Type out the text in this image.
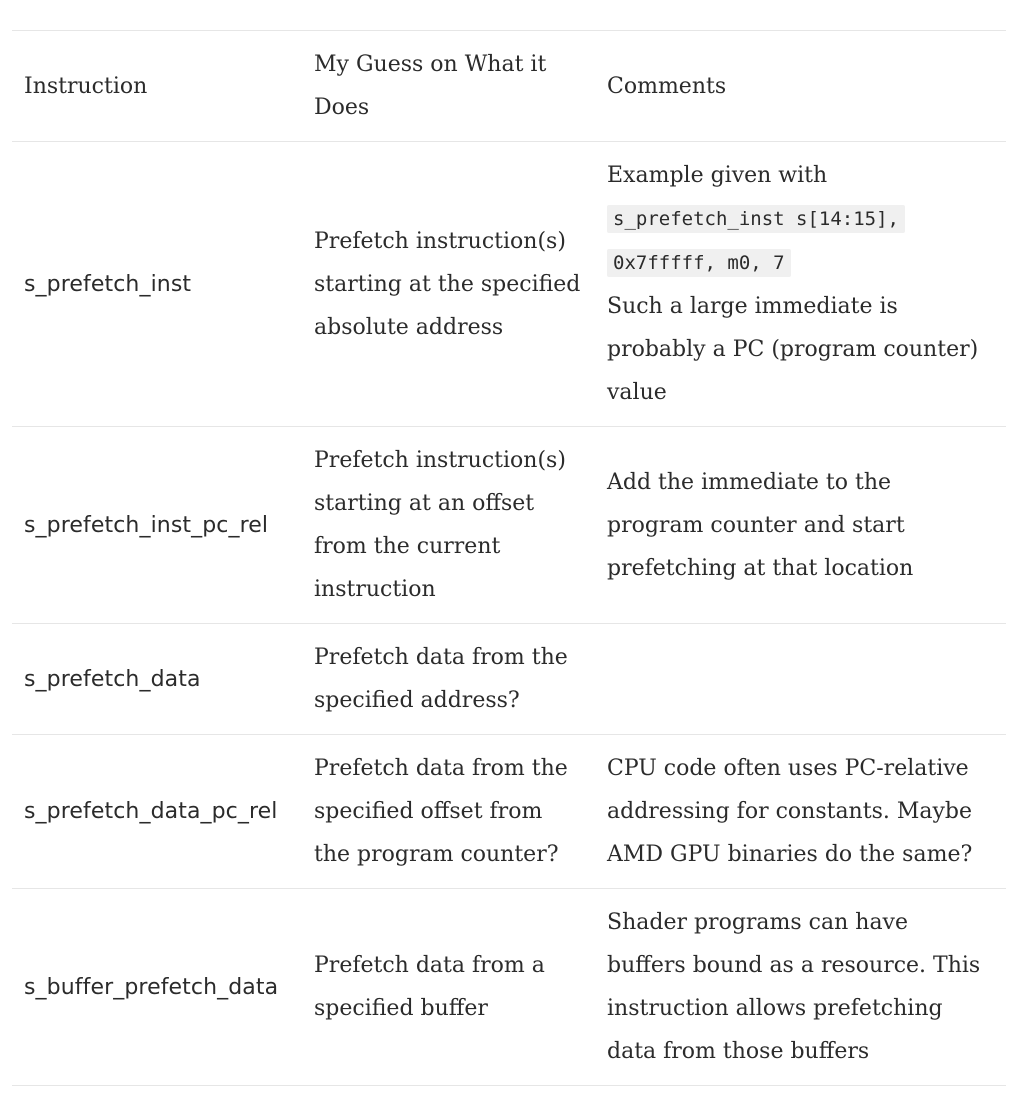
Instruction	My Guess on What it Does	Comments
s_prefetch_inst	Prefetch instruction(s) starting at the specified absolute address	Example given with
s_prefetch_inst s[14:15],
0x7fffff, m0, 7
Such a large immediate is probably a PC (program counter) value
s_prefetch_inst_pc_rel	Prefetch instruction(s) starting at an offset from the current instruction	Add the immediate to the program counter and start prefetching at that location
s_prefetch_data	Prefetch data from the specified address?	
s_prefetch_data_pc_rel	Prefetch data from the specified offset from the program counter?	CPU code often uses PC-relative addressing for constants. Maybe AMD GPU binaries do the same?
s_buffer_prefetch_data	Prefetch data from a specified buffer	Shader programs can have buffers bound as a resource. This instruction allows prefetching data from those buffers
